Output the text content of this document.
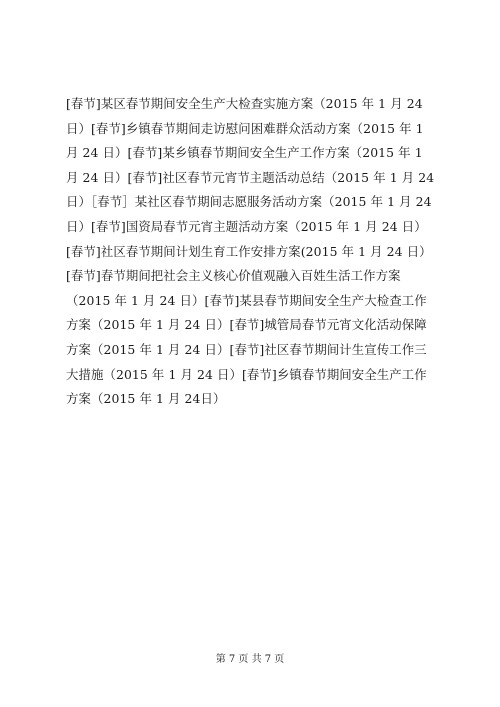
[春节]某区春节期间安全生产大检查实施方案（2015 年 1 月 24
日）[春节]乡镇春节期间走访慰问困难群众活动方案（2015 年 1
月 24 日）[春节]某乡镇春节期间安全生产工作方案（2015 年 1
月 24 日）[春节]社区春节元宵节主题活动总结（2015 年 1 月 24
日）［春节］某社区春节期间志愿服务活动方案（2015 年 1 月 24
日）[春节]国资局春节元宵主题活动方案（2015 年 1 月 24 日）
[春节]社区春节期间计划生育工作安排方案(2015 年 1 月 24 日）
[春节]春节期间把社会主义核心价值观融入百姓生活工作方案
（2015 年 1 月 24 日）[春节]某县春节期间安全生产大检查工作
方案（2015 年 1 月 24 日）[春节]城管局春节元宵文化活动保障
方案（2015 年 1 月 24 日）[春节]社区春节期间计生宣传工作三
大措施（2015 年 1 月 24 日）[春节]乡镇春节期间安全生产工作
方案（2015 年 1 月 24日）
第 7 页 共 7 页
